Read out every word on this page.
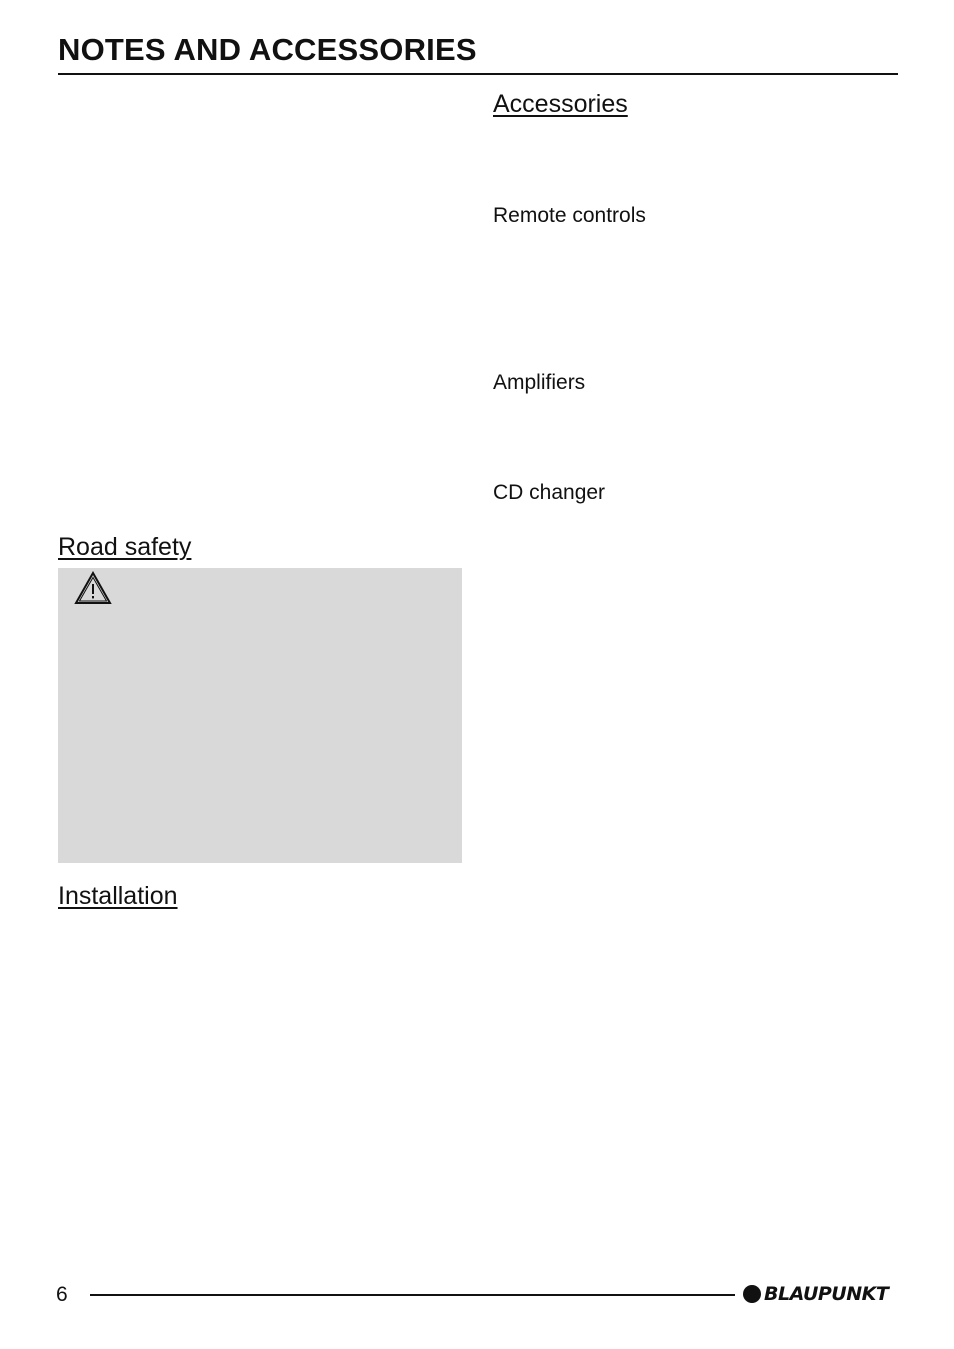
NOTES AND ACCESSORIES
Accessories
Remote controls
Amplifiers
CD changer
Road safety
Installation
6	BLAUPUNKT
